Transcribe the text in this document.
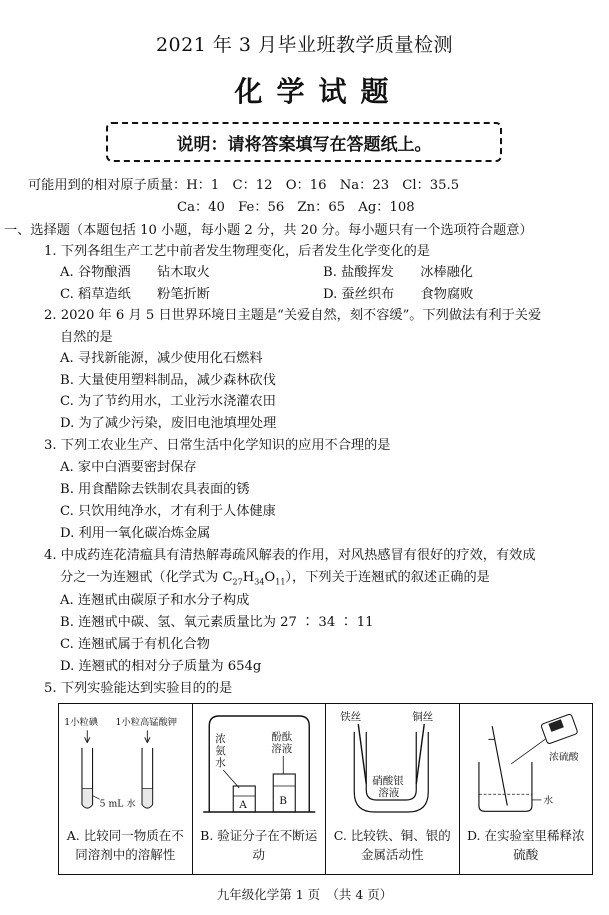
2021 年 3 月毕业班教学质量检测
化学试题
说明：请将答案填写在答题纸上。
可能用到的相对原子质量：H：1　C：12　O：16　Na：23　Cl：35.5
Ca：40　Fe：56　Zn：65　Ag：108
一、选择题（本题包括 10 小题，每小题 2 分，共 20 分。每小题只有一个选项符合题意）
1. 下列各组生产工艺中前者发生物理变化，后者发生化学变化的是
A. 谷物酿酒　　钻木取火	B. 盐酸挥发　　冰棒融化
C. 稻草造纸　　粉笔折断	D. 蚕丝织布　　食物腐败
2. 2020 年 6 月 5 日世界环境日主题是“关爱自然，刻不容缓”。下列做法有利于关爱
自然的是
A. 寻找新能源，减少使用化石燃料
B. 大量使用塑料制品，减少森林砍伐
C. 为了节约用水，工业污水浇灌农田
D. 为了减少污染，废旧电池填埋处理
3. 下列工农业生产、日常生活中化学知识的应用不合理的是
A. 家中白酒要密封保存
B. 用食醋除去铁制农具表面的锈
C. 只饮用纯净水，才有利于人体健康
D. 利用一氧化碳冶炼金属
4. 中成药连花清瘟具有清热解毒疏风解表的作用，对风热感冒有很好的疗效，有效成
分之一为连翘甙（化学式为 $C_{27}H_{34}O_{11}$），下列关于连翘甙的叙述正确的是
A. 连翘甙由碳原子和水分子构成
B. 连翘甙中碳、氢、氧元素质量比为 27 ∶ 34 ∶ 11
C. 连翘甙属于有机化合物
D. 连翘甙的相对分子质量为 654g
5. 下列实验能达到实验目的的是
1小粒碘 1小粒高锰酸钾
5 mL 水
A. 比较同一物质在不同溶剂中的溶解性
浓氨水
酚酞溶液
A	B
B. 验证分子在不断运动
铁丝	铜丝
硝酸银溶液
C. 比较铁、铜、银的金属活动性
浓硫酸
水
D. 在实验室里稀释浓硫酸
九年级化学第 1 页　（共 4 页）
